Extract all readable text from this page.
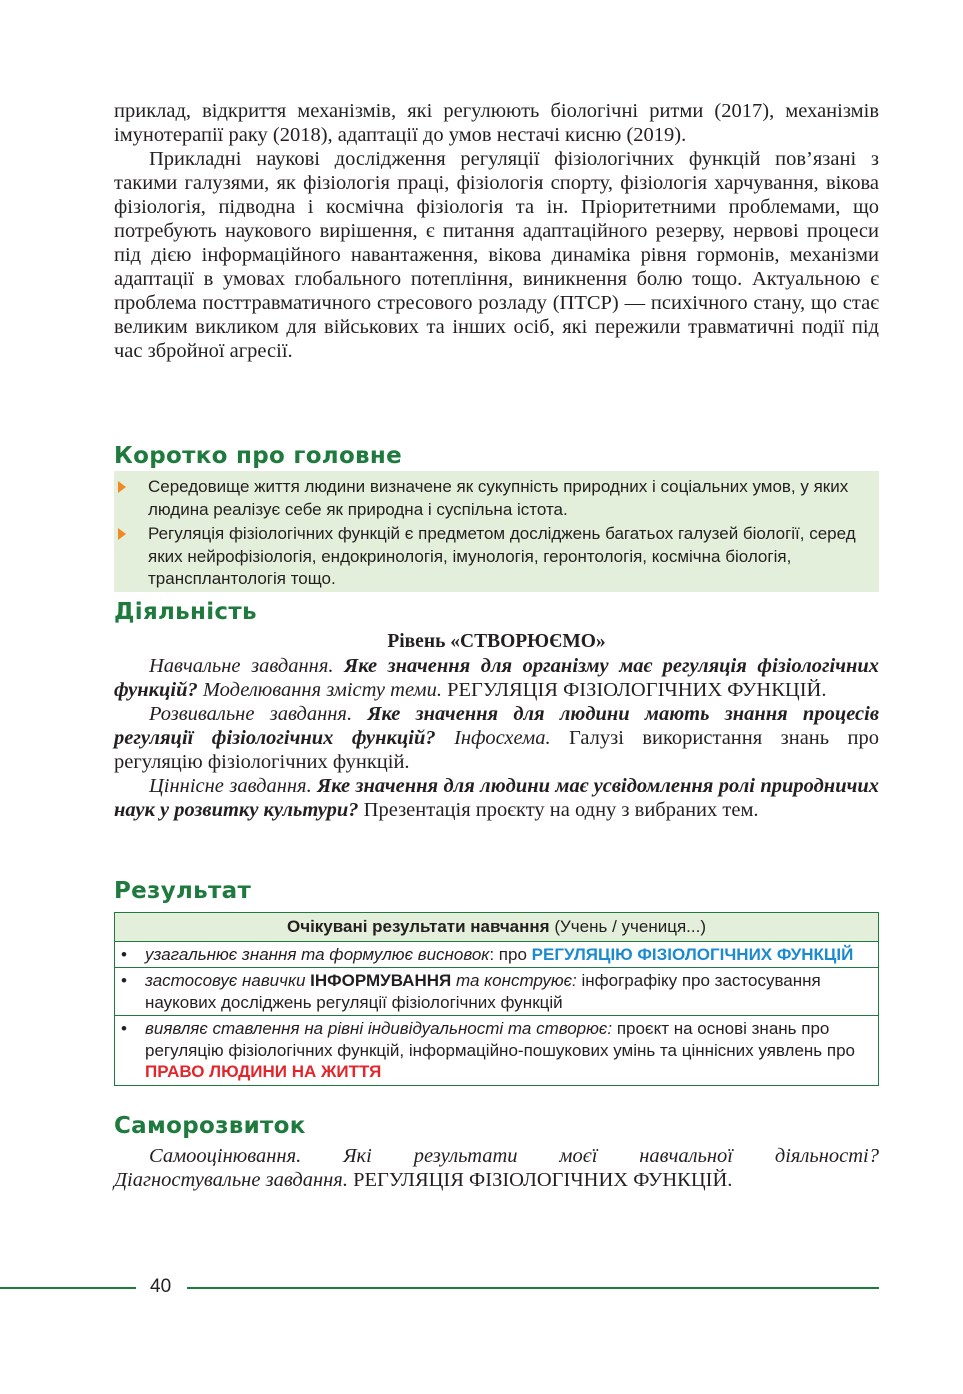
приклад, відкриття механізмів, які регулюють біологічні ритми (2017), механізмів імунотерапії раку (2018), адаптації до умов нестачі кисню (2019).

Прикладні наукові дослідження регуляції фізіологічних функцій пов’язані з такими галузями, як фізіологія праці, фізіологія спорту, фізіологія харчування, вікова фізіологія, підводна і космічна фізіологія та ін. Пріоритетними проблемами, що потребують наукового вирішення, є питання адаптаційного резерву, нервові процеси під дією інформаційного навантаження, вікова динаміка рівня гормонів, механізми адаптації в умовах глобального потепління, виникнення болю тощо. Актуальною є проблема посттравматичного стресового розладу (ПТСР) — психічного стану, що стає великим викликом для військових та інших осіб, які пережили травматичні події під час збройної агресії.

Коротко про головне
Середовище життя людини визначене як сукупність природних і соціальних умов, у яких людина реалізує себе як природна і суспільна істота.
Регуляція фізіологічних функцій є предметом досліджень багатьох галузей біології, серед яких нейрофізіологія, ендокринологія, імунологія, геронтологія, космічна біологія, трансплантологія тощо.
Діяльність
Рівень «СТВОРЮЄМО»

Навчальне завдання. Яке значення для організму має регуляція фізіологічних функцій? Моделювання змісту теми. РЕГУЛЯЦІЯ ФІЗІОЛОГІЧНИХ ФУНКЦІЙ.

Розвивальне завдання. Яке значення для людини мають знання процесів регуляції фізіологічних функцій? Інфосхема. Галузі використання знань про регуляцію фізіологічних функцій.

Ціннісне завдання. Яке значення для людини має усвідомлення ролі природничих наук у розвитку культури? Презентація проєкту на одну з вибраних тем.

Результат
Очікувані результати навчання (Учень / учениця...)

• узагальнює знання та формулює висновок: про РЕГУЛЯЦІЮ ФІЗІОЛОГІЧНИХ ФУНКЦІЙ

• застосовує навички ІНФОРМУВАННЯ та конструює: інфографіку про застосування наукових досліджень регуляції фізіологічних функцій

• виявляє ставлення на рівні індивідуальності та створює: проєкт на основі знань про регуляцію фізіологічних функцій, інформаційно-пошукових умінь та ціннісних уявлень про ПРАВО ЛЮДИНИ НА ЖИТТЯ
Саморозвиток

Самооцінювання. Які результати моєї навчальної діяльності?

Діагностувальне завдання. РЕГУЛЯЦІЯ ФІЗІОЛОГІЧНИХ ФУНКЦІЙ.

40
